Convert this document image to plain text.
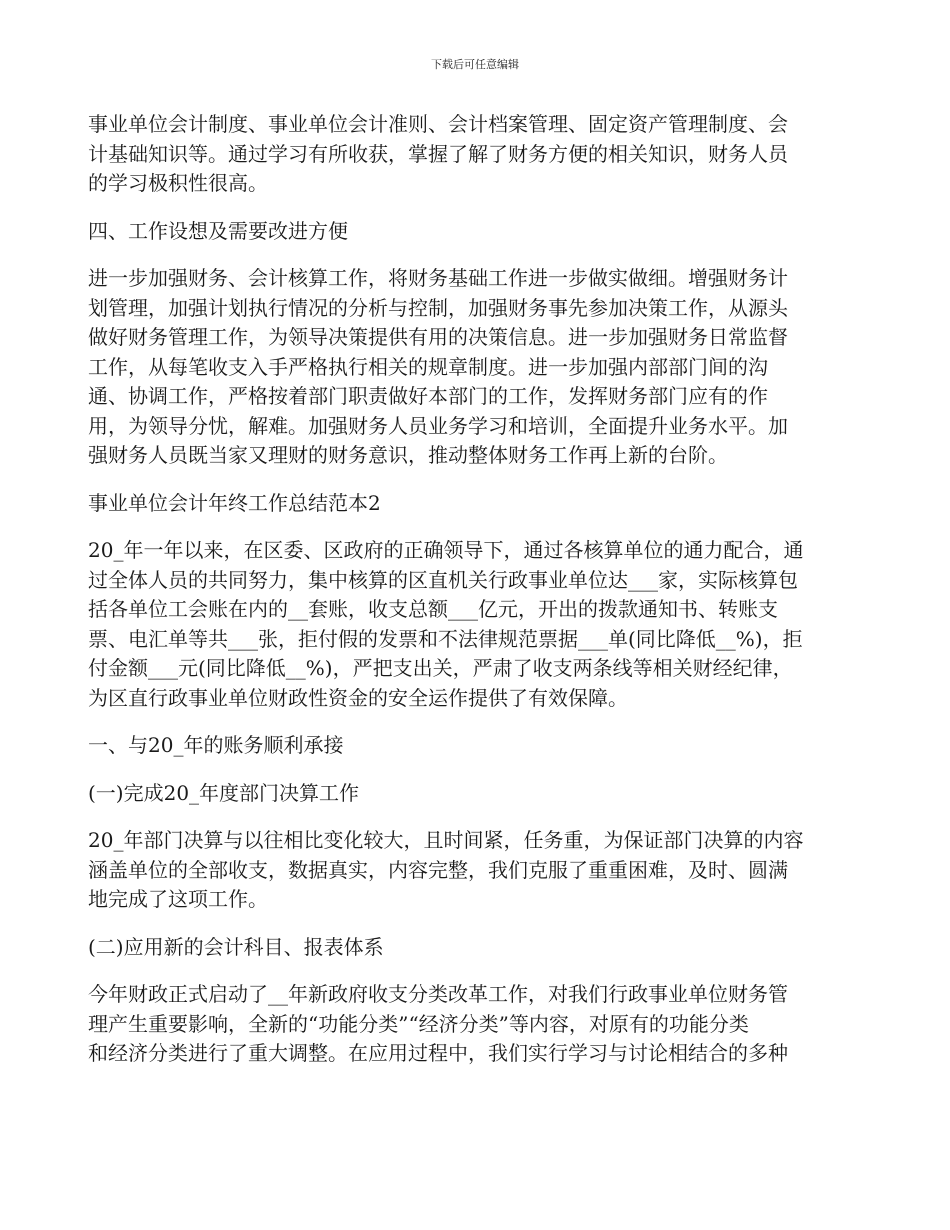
下载后可任意编辑
事业单位会计制度、事业单位会计准则、会计档案管理、固定资产管理制度、会
计基础知识等。通过学习有所收获，掌握了解了财务方便的相关知识，财务人员
的学习极积性很高。
四、工作设想及需要改进方便
进一步加强财务、会计核算工作，将财务基础工作进一步做实做细。增强财务计
划管理，加强计划执行情况的分析与控制，加强财务事先参加决策工作，从源头
做好财务管理工作，为领导决策提供有用的决策信息。进一步加强财务日常监督
工作，从每笔收支入手严格执行相关的规章制度。进一步加强内部部门间的沟
通、协调工作，严格按着部门职责做好本部门的工作，发挥财务部门应有的作
用，为领导分忧，解难。加强财务人员业务学习和培训，全面提升业务水平。加
强财务人员既当家又理财的财务意识，推动整体财务工作再上新的台阶。
事业单位会计年终工作总结范本2
20_年一年以来，在区委、区政府的正确领导下，通过各核算单位的通力配合，通
过全体人员的共同努力，集中核算的区直机关行政事业单位达___家，实际核算包
括各单位工会账在内的__套账，收支总额___亿元，开出的拨款通知书、转账支
票、电汇单等共___张，拒付假的发票和不法律规范票据___单(同比降低__%)，拒
付金额___元(同比降低__%)，严把支出关，严肃了收支两条线等相关财经纪律，
为区直行政事业单位财政性资金的安全运作提供了有效保障。
一、与20_年的账务顺利承接
(一)完成20_年度部门决算工作
20_年部门决算与以往相比变化较大，且时间紧，任务重，为保证部门决算的内容
涵盖单位的全部收支，数据真实，内容完整，我们克服了重重困难，及时、圆满
地完成了这项工作。
(二)应用新的会计科目、报表体系
今年财政正式启动了__年新政府收支分类改革工作，对我们行政事业单位财务管
理产生重要影响，全新的“功能分类”“经济分类”等内容，对原有的功能分类
和经济分类进行了重大调整。在应用过程中，我们实行学习与讨论相结合的多种
